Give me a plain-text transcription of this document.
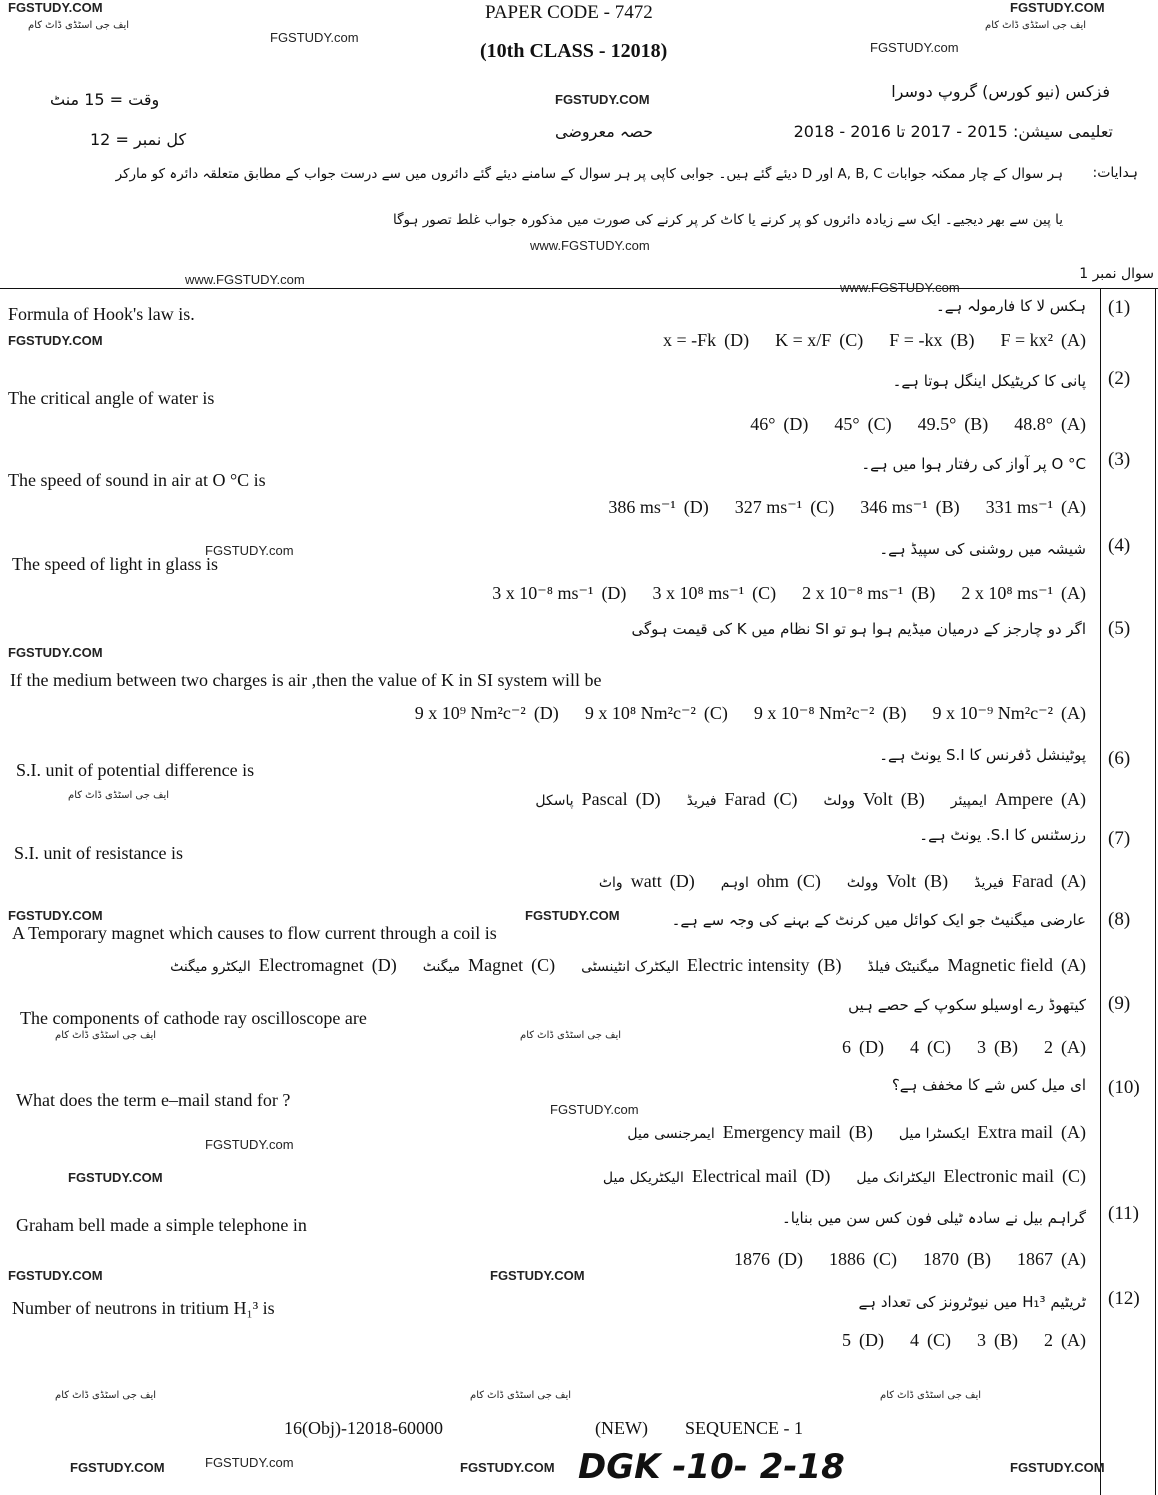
PAPER CODE - 7472
(10th CLASS - 12018)
فزکس (نیو کورس) گروپ دوسرا
وقت = 15 منٹ
تعلیمی سیشن: 2015 - 2017 تا 2016 - 2018
حصہ معروضی
کل نمبر = 12
ہدایات:
ہر سوال کے چار ممکنہ جوابات A, B, C اور D دیئے گئے ہیں۔ جوابی کاپی پر ہر سوال کے سامنے دیئے گئے دائروں میں سے درست جواب کے مطابق متعلقہ دائرہ کو مارکر
یا پین سے بھر دیجیے۔ ایک سے زیادہ دائروں کو پر کرنے یا کاٹ کر پر کرنے کی صورت میں مذکورہ جواب غلط تصور ہوگا
سوال نمبر 1
(1)
Formula of Hook's law is.	ہکس لا کا فارمولہ ہے۔
(A)
F = kx²
(B)
F = -kx
(C)
K = x/F
(D)
x = -Fk
(2)
The critical angle of water is
پانی کا کریٹیکل اینگل ہوتا ہے۔
(A)
48.8°
(B)
49.5°
(C)
45°
(D)
46°
(3)
The speed of sound in air at O °C is
O °C پر آواز کی رفتار ہوا میں ہے۔
(A)
331 ms⁻¹
(B)
346 ms⁻¹
(C)
327 ms⁻¹
(D)
386 ms⁻¹
(4)
The speed of light in glass is
شیشہ میں روشنی کی سپیڈ ہے۔
(A)
2 x 10⁸ ms⁻¹
(B)
2 x 10⁻⁸ ms⁻¹
(C)
3 x 10⁸ ms⁻¹
(D)
3 x 10⁻⁸ ms⁻¹
(5)
If the medium between two charges is air ,then the value of K in SI system will be
اگر دو چارجز کے درمیان میڈیم ہوا ہو تو SI نظام میں K کی قیمت ہوگی
(A)
9 x 10⁻⁹ Nm²c⁻²
(B)
9 x 10⁻⁸ Nm²c⁻²
(C)
9 x 10⁸ Nm²c⁻²
(D)
9 x 10⁹ Nm²c⁻²
(6)
S.I. unit of potential difference is
پوٹینشل ڈفرنس کا S.I یونٹ ہے۔
(A)
Ampere
ایمپیئر
(B)
Volt
وولٹ
(C)
Farad
فیریڈ
(D)
Pascal
پاسکل
(7)
S.I. unit of resistance is
رزسٹنس کا S.I. یونٹ ہے۔
(A)
Farad
فیریڈ
(B)
Volt
وولٹ
(C)
ohm
اوہم
(D)
watt
واٹ
(8)
A Temporary magnet which causes to flow current through a coil is
عارضی میگنیٹ جو ایک کوائل میں کرنٹ کے بہنے کی وجہ سے ہے۔
(A)
Magnetic field
میگنیٹک فیلڈ
(B)
Electric intensity
الیکٹرک انٹینسٹی
(C)
Magnet
میگنٹ
(D)
Electromagnet
الیکٹرو میگنٹ
(9)
The components of cathode ray oscilloscope are
کیتھوڈ رے اوسیلو سکوپ کے حصے ہیں
(A)
2
(B)
3
(C)
4
(D)
6
(10)
What does the term e–mail stand for ?
ای میل کس شے کا مخفف ہے؟
(A)
Extra mail
ایکسٹرا میل
(B)
Emergency mail
ایمرجنسی میل
(C)
Electronic mail
الیکٹرانک میل
(D)
Electrical mail
الیکٹریکل میل
(11)
Graham bell made a simple telephone in	گراہم بیل نے سادہ ٹیلی فون کس سن میں بنایا۔
(A)
1867
(B)
1870
(C)
1886
(D)
1876
(12)
Number of neutrons in tritium H₁³ is	ٹریٹیم H₁³ میں نیوٹرونز کی تعداد ہے
(A)
2
(B)
3
(C)
4
(D)
5
FGSTUDY.COM
FGSTUDY.com
ایف جی اسٹڈی ڈاٹ کام
FGSTUDY.COM
FGSTUDY.com
ایف جی اسٹڈی ڈاٹ کام
FGSTUDY.COM
www.FGSTUDY.com
www.FGSTUDY.com
www.FGSTUDY.com
FGSTUDY.COM
FGSTUDY.COM
FGSTUDY.com
FGSTUDY.COM	FGSTUDY.COM
FGSTUDY.COM
FGSTUDY.com
FGSTUDY.com
FGSTUDY.COM	FGSTUDY.COM
ایف جی اسٹڈی ڈاٹ کام
ایف جی اسٹڈی ڈاٹ کام	ایف جی اسٹڈی ڈاٹ کام
ایف جی اسٹڈی ڈاٹ کام	ایف جی اسٹڈی ڈاٹ کام	ایف جی اسٹڈی ڈاٹ کام
FGSTUDY.COM	FGSTUDY.COM	FGSTUDY.COM
FGSTUDY.com
16(Obj)-12018-60000	(NEW) SEQUENCE - 1
DGK -10- 2-18
